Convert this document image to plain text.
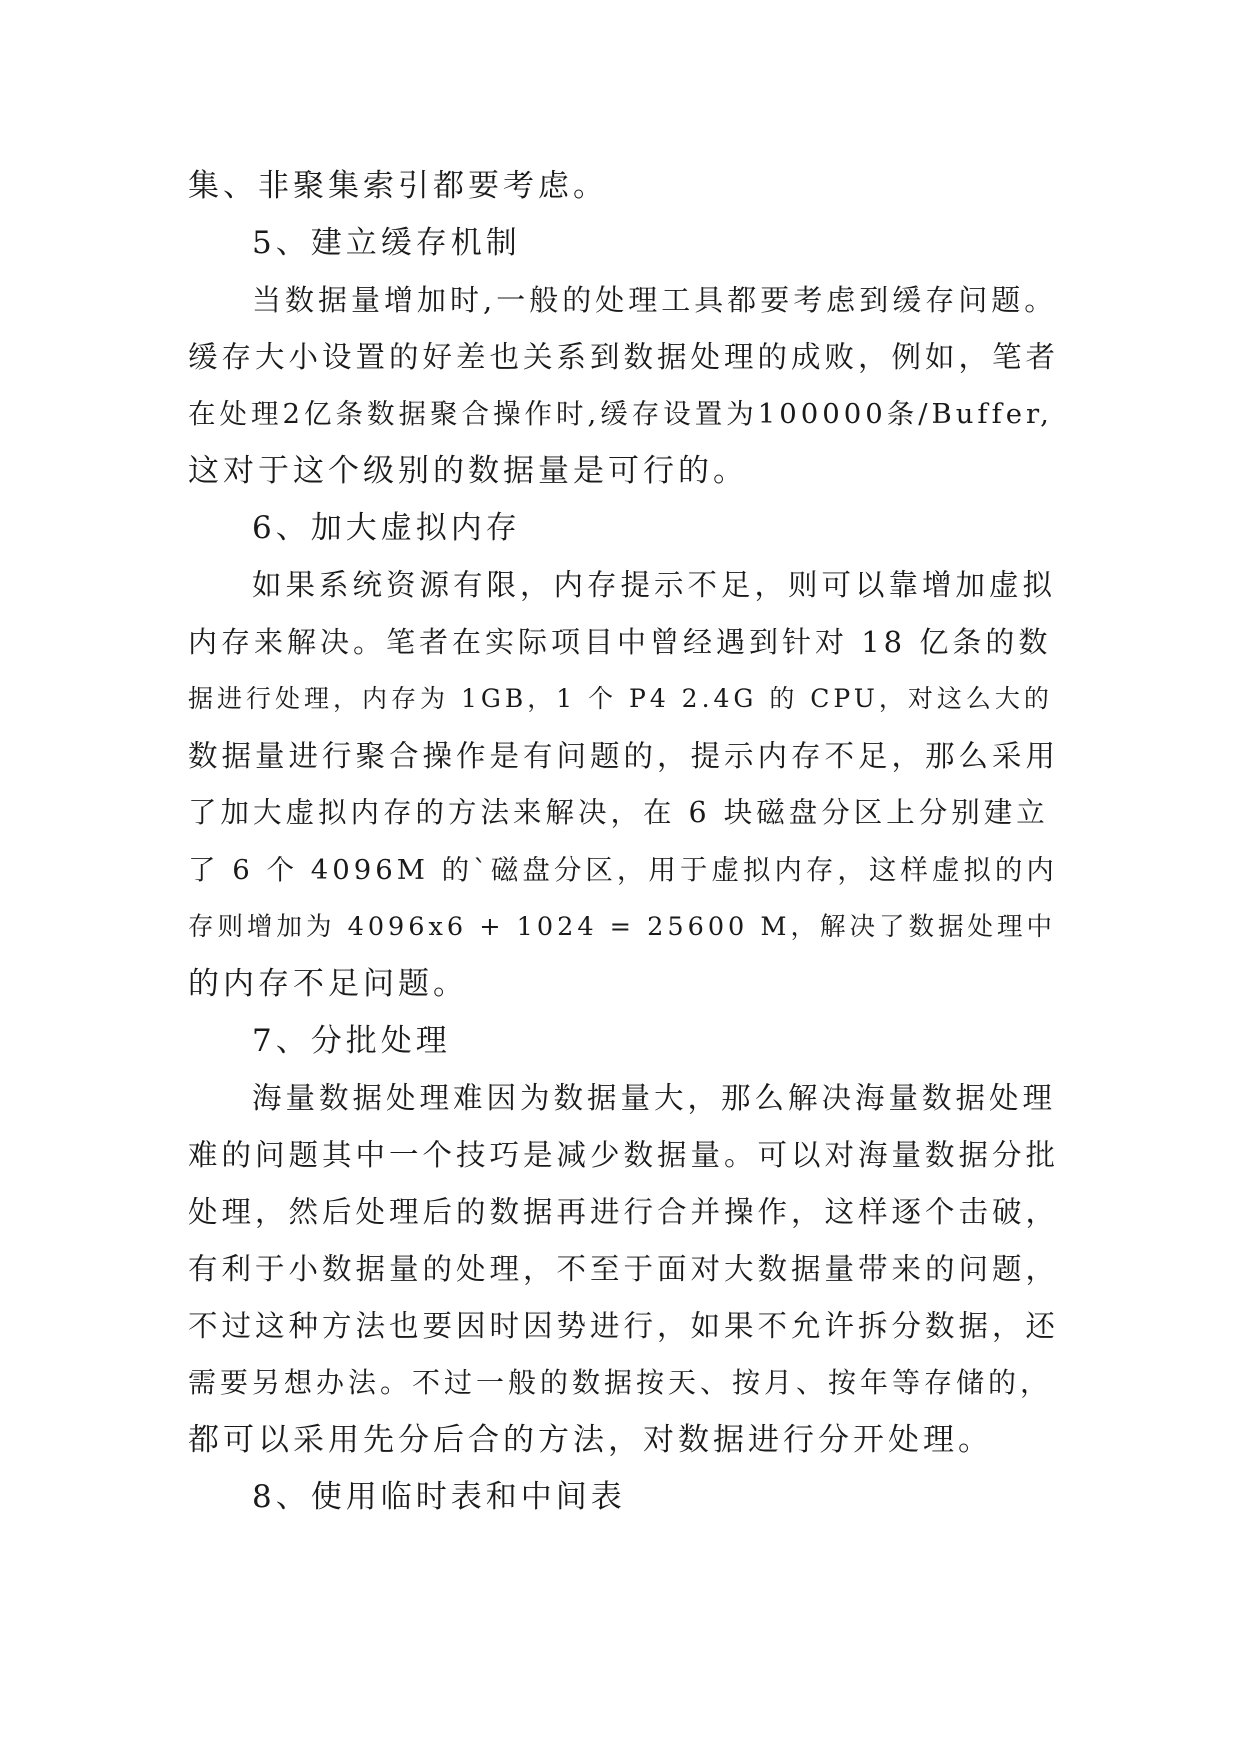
集、非聚集索引都要考虑。
5、建立缓存机制
当数据量增加时,一般的处理工具都要考虑到缓存问题。
缓存大小设置的好差也关系到数据处理的成败，例如，笔者
在处理2亿条数据聚合操作时,缓存设置为100000条/Buffer,
这对于这个级别的数据量是可行的。
6、加大虚拟内存
如果系统资源有限，内存提示不足，则可以靠增加虚拟
内存来解决。笔者在实际项目中曾经遇到针对 18 亿条的数
据进行处理，内存为 1GB，1 个 P4 2.4G 的 CPU，对这么大的
数据量进行聚合操作是有问题的，提示内存不足，那么采用
了加大虚拟内存的方法来解决，在 6 块磁盘分区上分别建立
了 6 个 4096M 的`磁盘分区，用于虚拟内存，这样虚拟的内
存则增加为 4096x6 + 1024 = 25600 M，解决了数据处理中
的内存不足问题。
7、分批处理
海量数据处理难因为数据量大，那么解决海量数据处理
难的问题其中一个技巧是减少数据量。可以对海量数据分批
处理，然后处理后的数据再进行合并操作，这样逐个击破，
有利于小数据量的处理，不至于面对大数据量带来的问题，
不过这种方法也要因时因势进行，如果不允许拆分数据，还
需要另想办法。不过一般的数据按天、按月、按年等存储的，
都可以采用先分后合的方法，对数据进行分开处理。
8、使用临时表和中间表
